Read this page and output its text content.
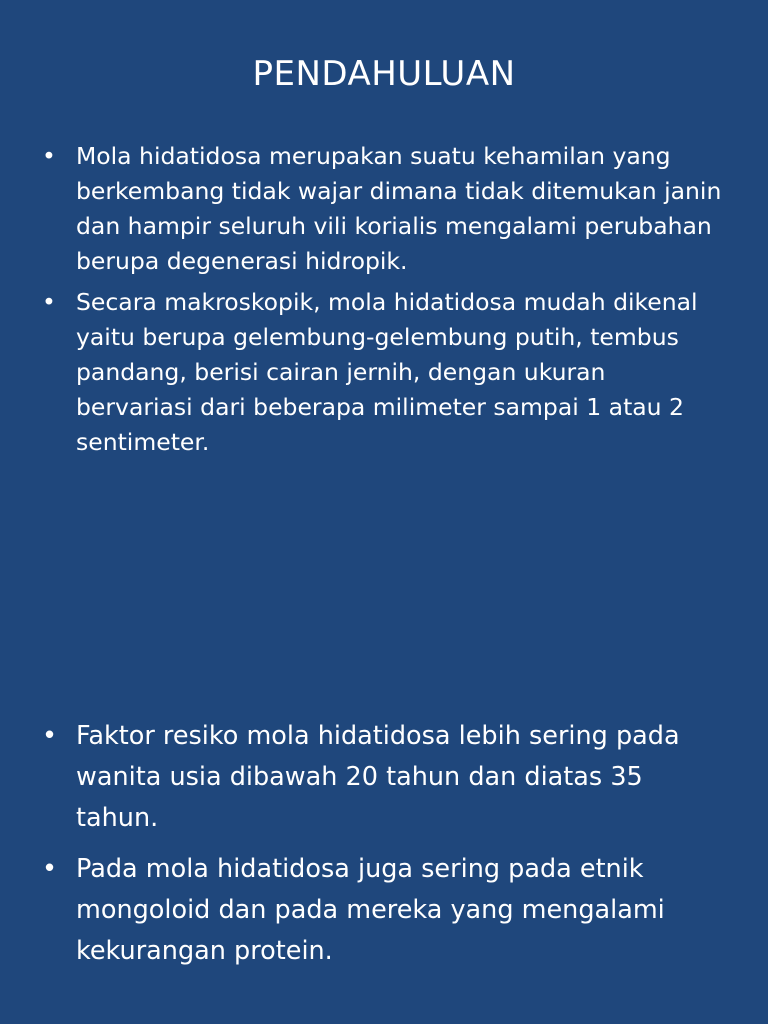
PENDAHULUAN
• Mola hidatidosa merupakan suatu kehamilan yang berkembang tidak wajar dimana tidak ditemukan janin dan hampir seluruh vili korialis mengalami perubahan berupa degenerasi hidropik.
• Secara makroskopik, mola hidatidosa mudah dikenal yaitu berupa gelembung-gelembung putih, tembus pandang, berisi cairan jernih, dengan ukuran bervariasi dari beberapa milimeter sampai 1 atau 2 sentimeter.
• Faktor resiko mola hidatidosa lebih sering pada wanita usia dibawah 20 tahun dan diatas 35 tahun.
• Pada mola hidatidosa juga sering pada etnik mongoloid dan pada mereka yang mengalami kekurangan protein.
